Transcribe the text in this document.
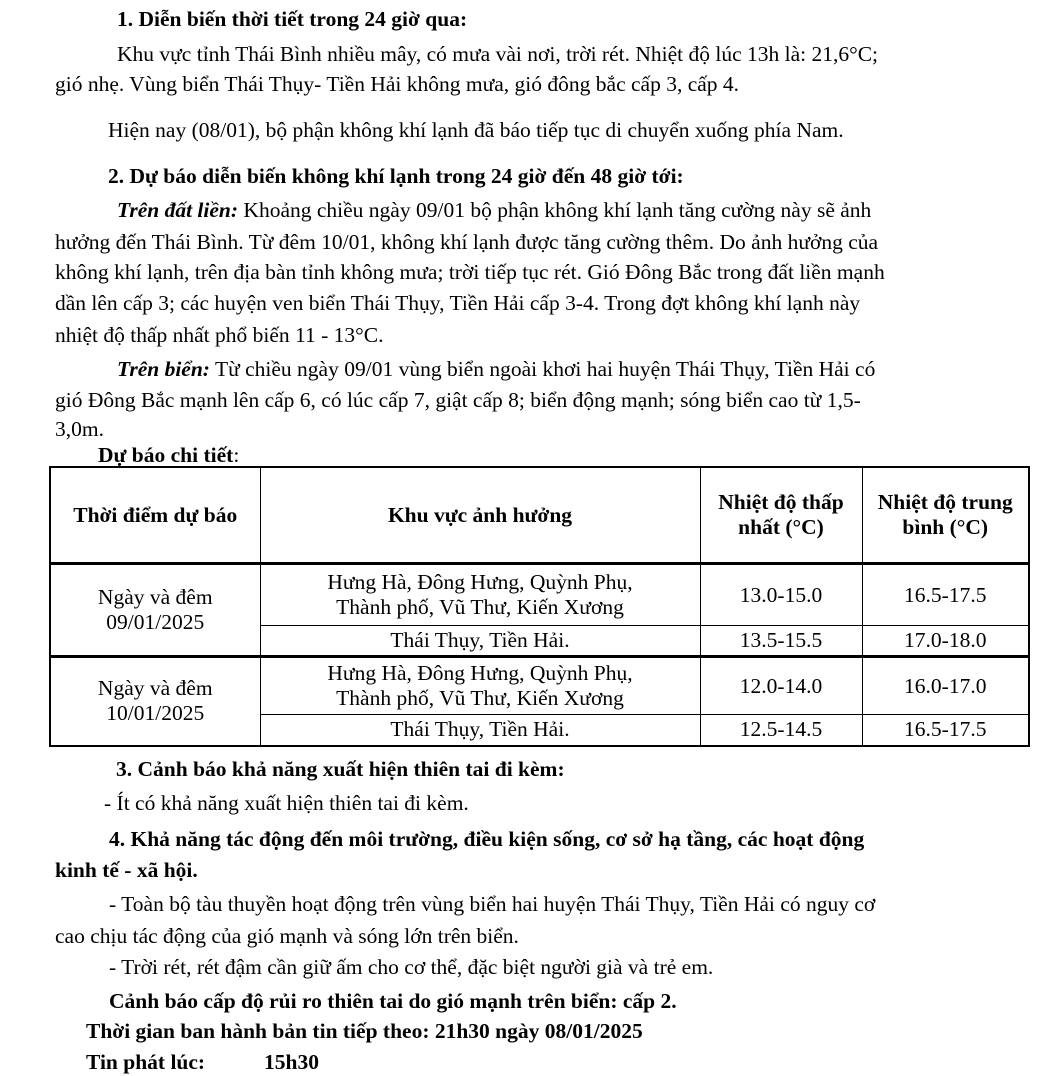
1. Diễn biến thời tiết trong 24 giờ qua:
Khu vực tỉnh Thái Bình nhiều mây, có mưa vài nơi, trời rét. Nhiệt độ lúc 13h là: 21,6°C;
gió nhẹ. Vùng biển Thái Thụy- Tiền Hải không mưa, gió đông bắc cấp 3, cấp 4.
Hiện nay (08/01), bộ phận không khí lạnh đã báo tiếp tục di chuyển xuống phía Nam.
2. Dự báo diễn biến không khí lạnh trong 24 giờ đến 48 giờ tới:
Trên đất liền: Khoảng chiều ngày 09/01 bộ phận không khí lạnh tăng cường này sẽ ảnh
hưởng đến Thái Bình. Từ đêm 10/01, không khí lạnh được tăng cường thêm. Do ảnh hưởng của
không khí lạnh, trên địa bàn tỉnh không mưa; trời tiếp tục rét. Gió Đông Bắc trong đất liền mạnh
dần lên cấp 3; các huyện ven biển Thái Thụy, Tiền Hải cấp 3-4. Trong đợt không khí lạnh này
nhiệt độ thấp nhất phổ biến 11 - 13°C.
Trên biển: Từ chiều ngày 09/01 vùng biển ngoài khơi hai huyện Thái Thụy, Tiền Hải có
gió Đông Bắc mạnh lên cấp 6, có lúc cấp 7, giật cấp 8; biển động mạnh; sóng biển cao từ 1,5-
3,0m.
Dự báo chi tiết:
Thời điểm dự báo	Khu vực ảnh hưởng	Nhiệt độ thấp nhất (°C)	Nhiệt độ trung bình (°C)
Ngày và đêm 09/01/2025	Hưng Hà, Đông Hưng, Quỳnh Phụ, Thành phố, Vũ Thư, Kiến Xương	13.0-15.0	16.5-17.5
	Thái Thụy, Tiền Hải.	13.5-15.5	17.0-18.0
Ngày và đêm 10/01/2025	Hưng Hà, Đông Hưng, Quỳnh Phụ, Thành phố, Vũ Thư, Kiến Xương	12.0-14.0	16.0-17.0
	Thái Thụy, Tiền Hải.	12.5-14.5	16.5-17.5
3. Cảnh báo khả năng xuất hiện thiên tai đi kèm:
- Ít có khả năng xuất hiện thiên tai đi kèm.
4. Khả năng tác động đến môi trường, điều kiện sống, cơ sở hạ tầng, các hoạt động
kinh tế - xã hội.
- Toàn bộ tàu thuyền hoạt động trên vùng biển hai huyện Thái Thụy, Tiền Hải có nguy cơ
cao chịu tác động của gió mạnh và sóng lớn trên biển.
- Trời rét, rét đậm cần giữ ấm cho cơ thể, đặc biệt người già và trẻ em.
Cảnh báo cấp độ rủi ro thiên tai do gió mạnh trên biển: cấp 2.
Thời gian ban hành bản tin tiếp theo: 21h30 ngày 08/01/2025
Tin phát lúc:	15h30
